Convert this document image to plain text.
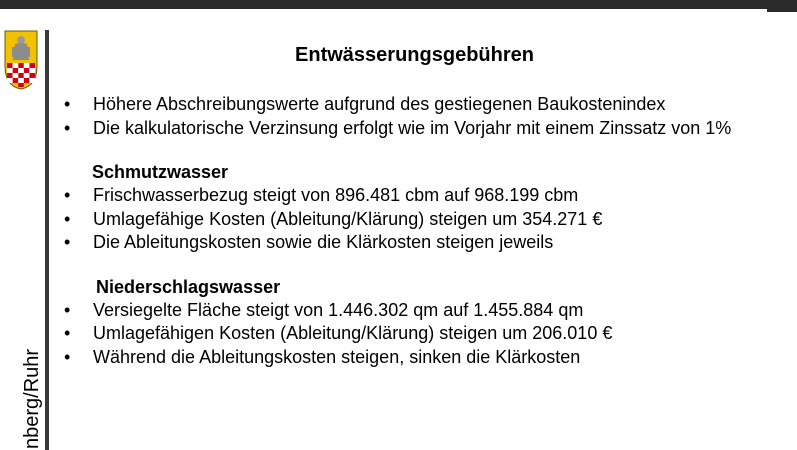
nberg/Ruhr
Entwässerungsgebühren
• Höhere Abschreibungswerte aufgrund des gestiegenen Baukostenindex
• Die kalkulatorische Verzinsung erfolgt wie im Vorjahr mit einem Zinssatz von 1%
Schmutzwasser
• Frischwasserbezug steigt von 896.481 cbm auf 968.199 cbm
• Umlagefähige Kosten (Ableitung/Klärung) steigen um 354.271 €
• Die Ableitungskosten sowie die Klärkosten steigen jeweils
Niederschlagswasser
• Versiegelte Fläche steigt von 1.446.302 qm auf 1.455.884 qm
• Umlagefähigen Kosten (Ableitung/Klärung) steigen um 206.010 €
• Während die Ableitungskosten steigen, sinken die Klärkosten
